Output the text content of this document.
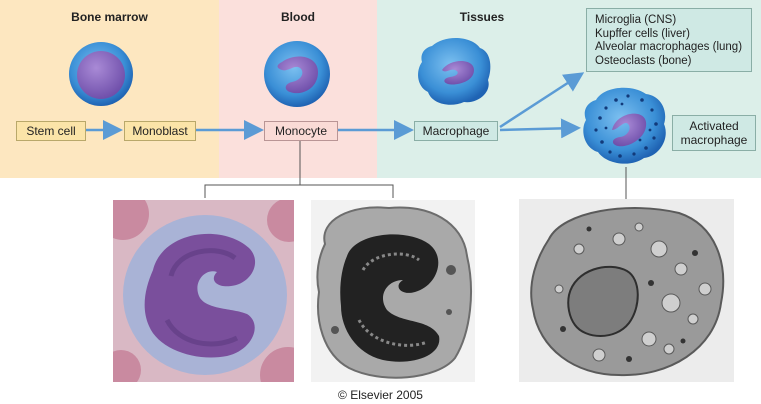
Bone marrow	Blood	Tissues
Stem cell	Monoblast	Monocyte	Macrophage
Microglia (CNS)
Kupffer cells (liver)
Alveolar macrophages (lung)
Osteoclasts (bone)
Activated
macrophage
© Elsevier 2005
